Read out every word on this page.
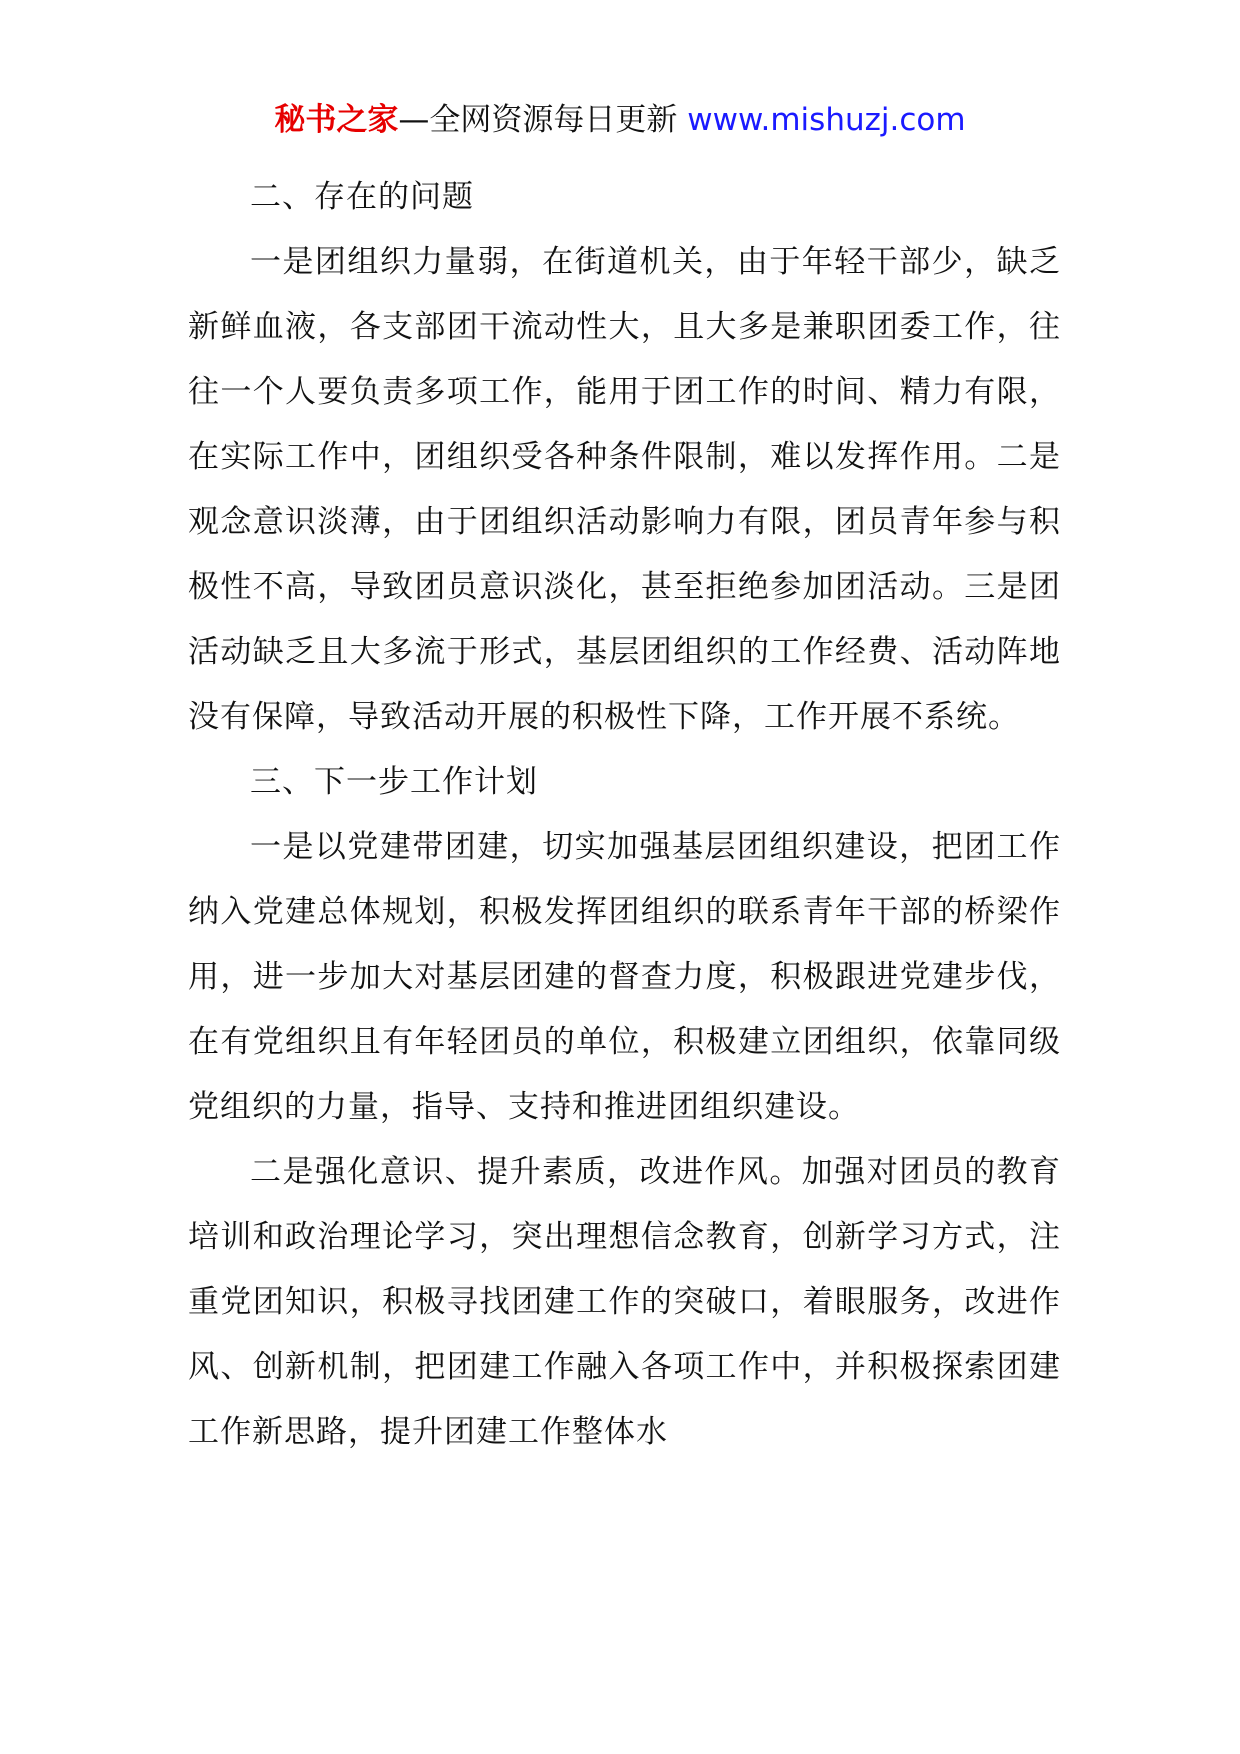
秘书之家—全网资源每日更新 www.mishuzj.com

二、存在的问题

一是团组织力量弱，在街道机关，由于年轻干部少，缺乏新鲜血液，各支部团干流动性大，且大多是兼职团委工作，往往一个人要负责多项工作，能用于团工作的时间、精力有限，在实际工作中，团组织受各种条件限制，难以发挥作用。二是观念意识淡薄，由于团组织活动影响力有限，团员青年参与积极性不高，导致团员意识淡化，甚至拒绝参加团活动。三是团活动缺乏且大多流于形式，基层团组织的工作经费、活动阵地没有保障，导致活动开展的积极性下降，工作开展不系统。

三、下一步工作计划

一是以党建带团建，切实加强基层团组织建设，把团工作纳入党建总体规划，积极发挥团组织的联系青年干部的桥梁作用，进一步加大对基层团建的督查力度，积极跟进党建步伐，在有党组织且有年轻团员的单位，积极建立团组织，依靠同级党组织的力量，指导、支持和推进团组织建设。

二是强化意识、提升素质，改进作风。加强对团员的教育培训和政治理论学习，突出理想信念教育，创新学习方式，注重党团知识，积极寻找团建工作的突破口，着眼服务，改进作风、创新机制，把团建工作融入各项工作中，并积极探索团建工作新思路，提升团建工作整体水
